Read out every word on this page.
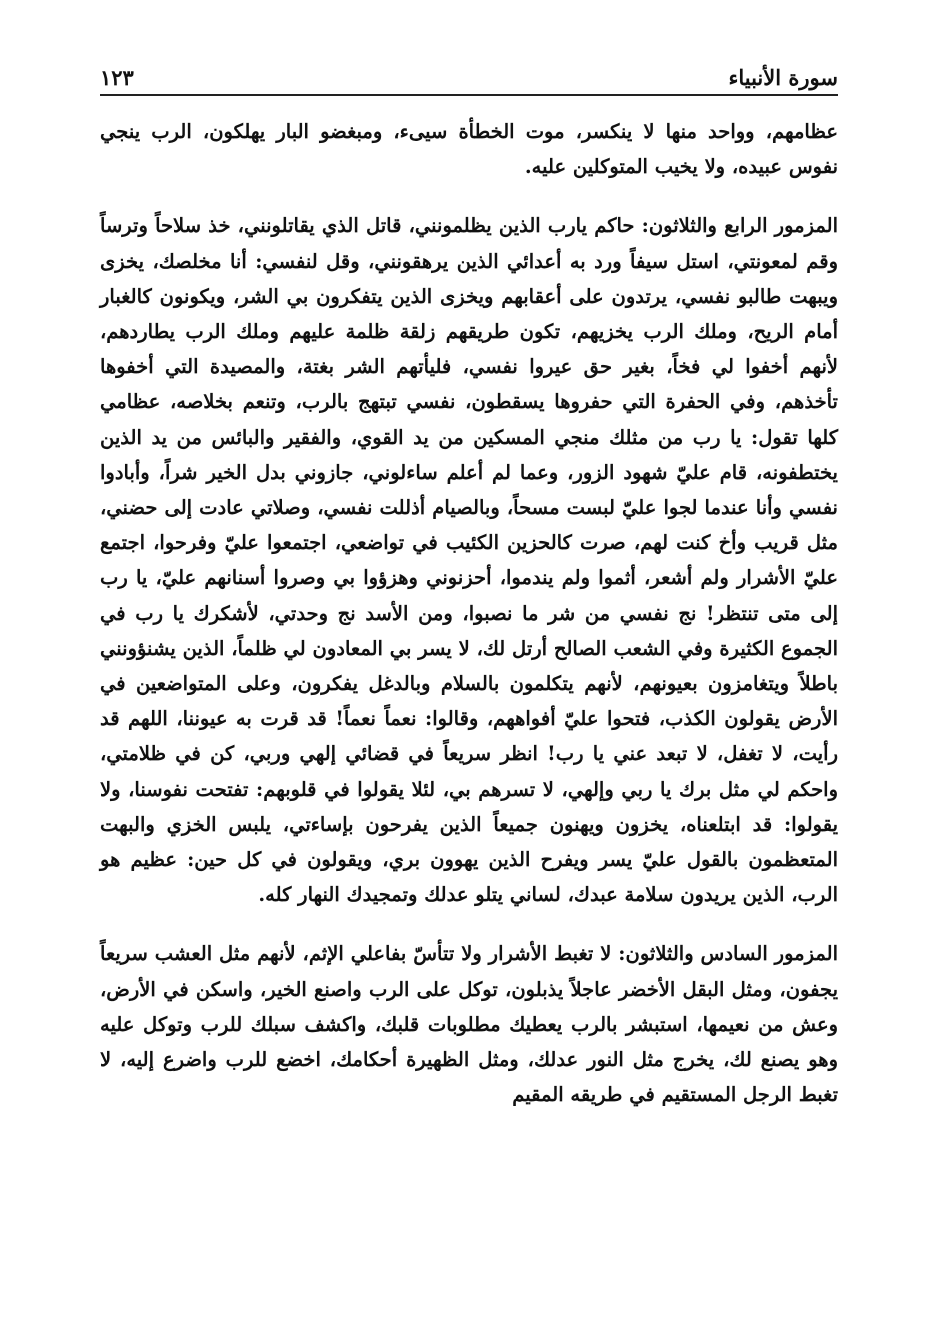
سورة الأنبياء
١٢٣

عظامهم، وواحد منها لا ينكسر، موت الخطأة سيىء، ومبغضو البار يهلكون، الرب ينجي نفوس عبيده، ولا يخيب المتوكلين عليه.

المزمور الرابع والثلاثون: حاكم يارب الذين يظلمونني، قاتل الذي يقاتلونني، خذ سلاحاً وترساً وقم لمعونتي، استل سيفاً ورد به أعدائي الذين يرهقونني، وقل لنفسي: أنا مخلصك، يخزى ويبهت طالبو نفسي، يرتدون على أعقابهم ويخزى الذين يتفكرون بي الشر، ويكونون كالغبار أمام الريح، وملك الرب يخزيهم، تكون طريقهم زلقة ظلمة عليهم وملك الرب يطاردهم، لأنهم أخفوا لي فخاً، بغير حق عيروا نفسي، فليأتهم الشر بغتة، والمصيدة التي أخفوها تأخذهم، وفي الحفرة التي حفروها يسقطون، نفسي تبتهج بالرب، وتنعم بخلاصه، عظامي كلها تقول: يا رب من مثلك منجي المسكين من يد القوي، والفقير والبائس من يد الذين يختطفونه، قام عليّ شهود الزور، وعما لم أعلم ساءلوني، جازوني بدل الخير شراً، وأبادوا نفسي وأنا عندما لجوا عليّ لبست مسحاً، وبالصيام أذللت نفسي، وصلاتي عادت إلى حضني، مثل قريب وأخ كنت لهم، صرت كالحزين الكئيب في تواضعي، اجتمعوا عليّ وفرحوا، اجتمع عليّ الأشرار ولم أشعر، أثموا ولم يندموا، أحزنوني وهزؤوا بي وصروا أسنانهم عليّ، يا رب إلى متى تنتظر! نج نفسي من شر ما نصبوا، ومن الأسد نج وحدتي، لأشكرك يا رب في الجموع الكثيرة وفي الشعب الصالح أرتل لك، لا يسر بي المعادون لي ظلماً، الذين يشنؤونني باطلاً ويتغامزون بعيونهم، لأنهم يتكلمون بالسلام وبالدغل يفكرون، وعلى المتواضعين في الأرض يقولون الكذب، فتحوا عليّ أفواههم، وقالوا: نعماً نعماً! قد قرت به عيوننا، اللهم قد رأيت، لا تغفل، لا تبعد عني يا رب! انظر سريعاً في قضائي إلهي وربي، كن في ظلامتي، واحكم لي مثل برك يا ربي وإلهي، لا تسرهم بي، لئلا يقولوا في قلوبهم: تفتحت نفوسنا، ولا يقولوا: قد ابتلعناه، يخزون ويهنون جميعاً الذين يفرحون بإساءتي، يلبس الخزي والبهت المتعظمون بالقول عليّ يسر ويفرح الذين يهوون بري، ويقولون في كل حين: عظيم هو الرب، الذين يريدون سلامة عبدك، لساني يتلو عدلك وتمجيدك النهار كله.

المزمور السادس والثلاثون: لا تغبط الأشرار ولا تتأسّ بفاعلي الإثم، لأنهم مثل العشب سريعاً يجفون، ومثل البقل الأخضر عاجلاً يذبلون، توكل على الرب واصنع الخير، واسكن في الأرض، وعش من نعيمها، استبشر بالرب يعطيك مطلوبات قلبك، واكشف سبلك للرب وتوكل عليه وهو يصنع لك، يخرج مثل النور عدلك، ومثل الظهيرة أحكامك، اخضع للرب واضرع إليه، لا تغبط الرجل المستقيم في طريقه المقيم
